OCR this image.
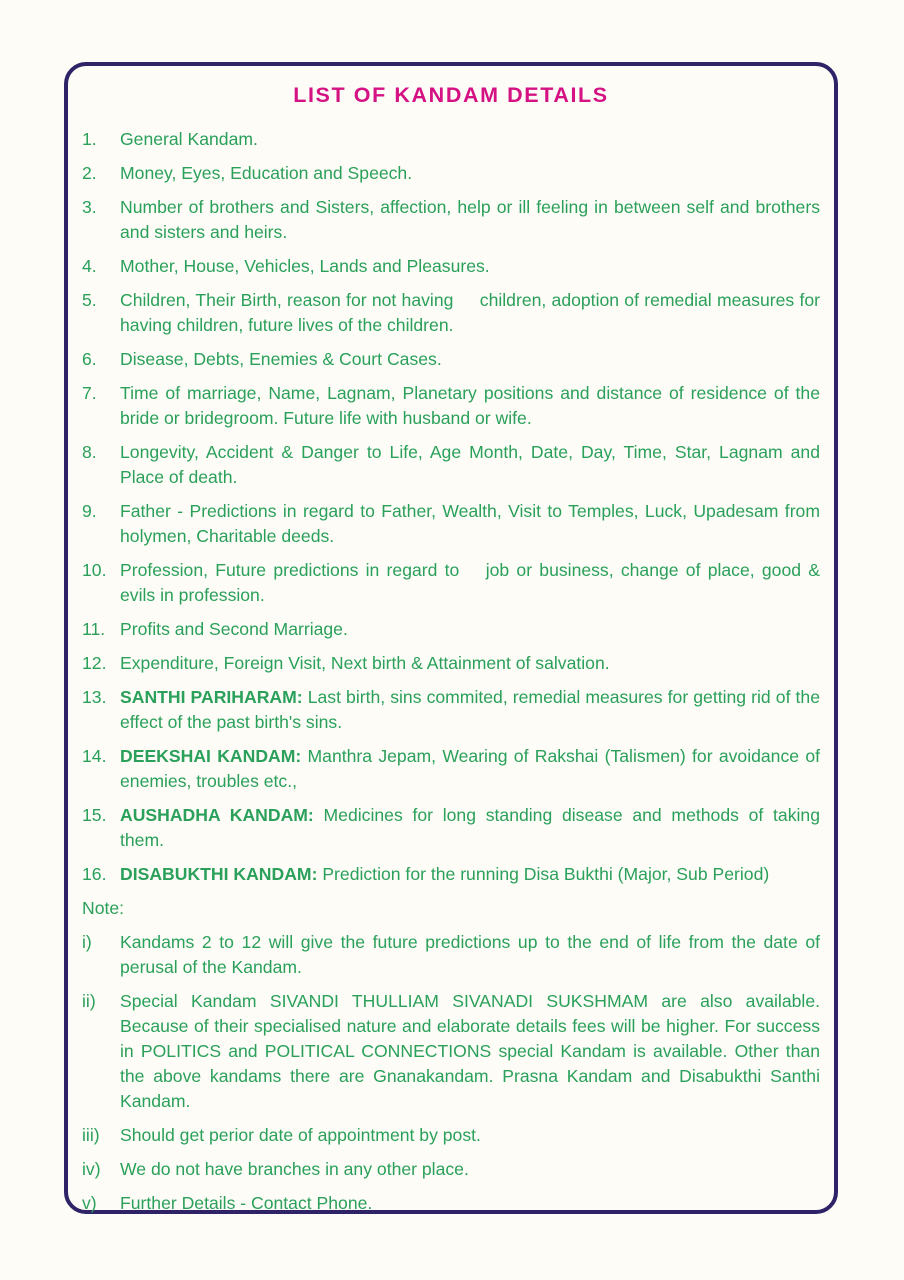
LIST OF KANDAM DETAILS
1.	General Kandam.

2.	Money, Eyes, Education and Speech.

3.	Number of brothers and Sisters, affection, help or ill feeling in between self and brothers and sisters and heirs.

4.	Mother, House, Vehicles, Lands and Pleasures.

5.	Children, Their Birth, reason for not having  children, adoption of remedial measures for having children, future lives of the children.

6.	Disease, Debts, Enemies & Court Cases.

7.	Time of marriage, Name, Lagnam, Planetary positions and distance of residence of the bride or bridegroom. Future life with husband or wife.

8.	Longevity, Accident & Danger to Life, Age Month, Date, Day, Time, Star, Lagnam and Place of death.

9.	Father - Predictions in regard to Father, Wealth, Visit to Temples, Luck, Upadesam from holymen, Charitable deeds.

10. Profession, Future predictions in regard to  job or business, change of place, good & evils in profession.

11. Profits and Second Marriage.

12. Expenditure, Foreign Visit, Next birth & Attainment of salvation.

13. SANTHI PARIHARAM: Last birth, sins commited, remedial measures for getting rid of the effect of the past birth's sins.

14. DEEKSHAI KANDAM: Manthra Jepam, Wearing of Rakshai (Talismen) for avoidance of enemies, troubles etc.,

15. AUSHADHA KANDAM: Medicines for long standing disease and methods of taking them.

16. DISABUKTHI KANDAM: Prediction for the running Disa Bukthi (Major, Sub Period)

Note:
i)	Kandams 2 to 12 will give the future predictions up to the end of life from the date of perusal of the Kandam.

ii)	Special Kandam SIVANDI THULLIAM SIVANADI SUKSHMAM are also available. Because of their specialised nature and elaborate details fees will be higher. For success in POLITICS and POLITICAL CONNECTIONS special Kandam is available. Other than the above kandams there are Gnanakandam. Prasna Kandam and Disabukthi Santhi Kandam.

iii)	Should get perior date of appointment by post.

iv)	We do not have branches in any other place.

v)	Further Details - Contact Phone.
